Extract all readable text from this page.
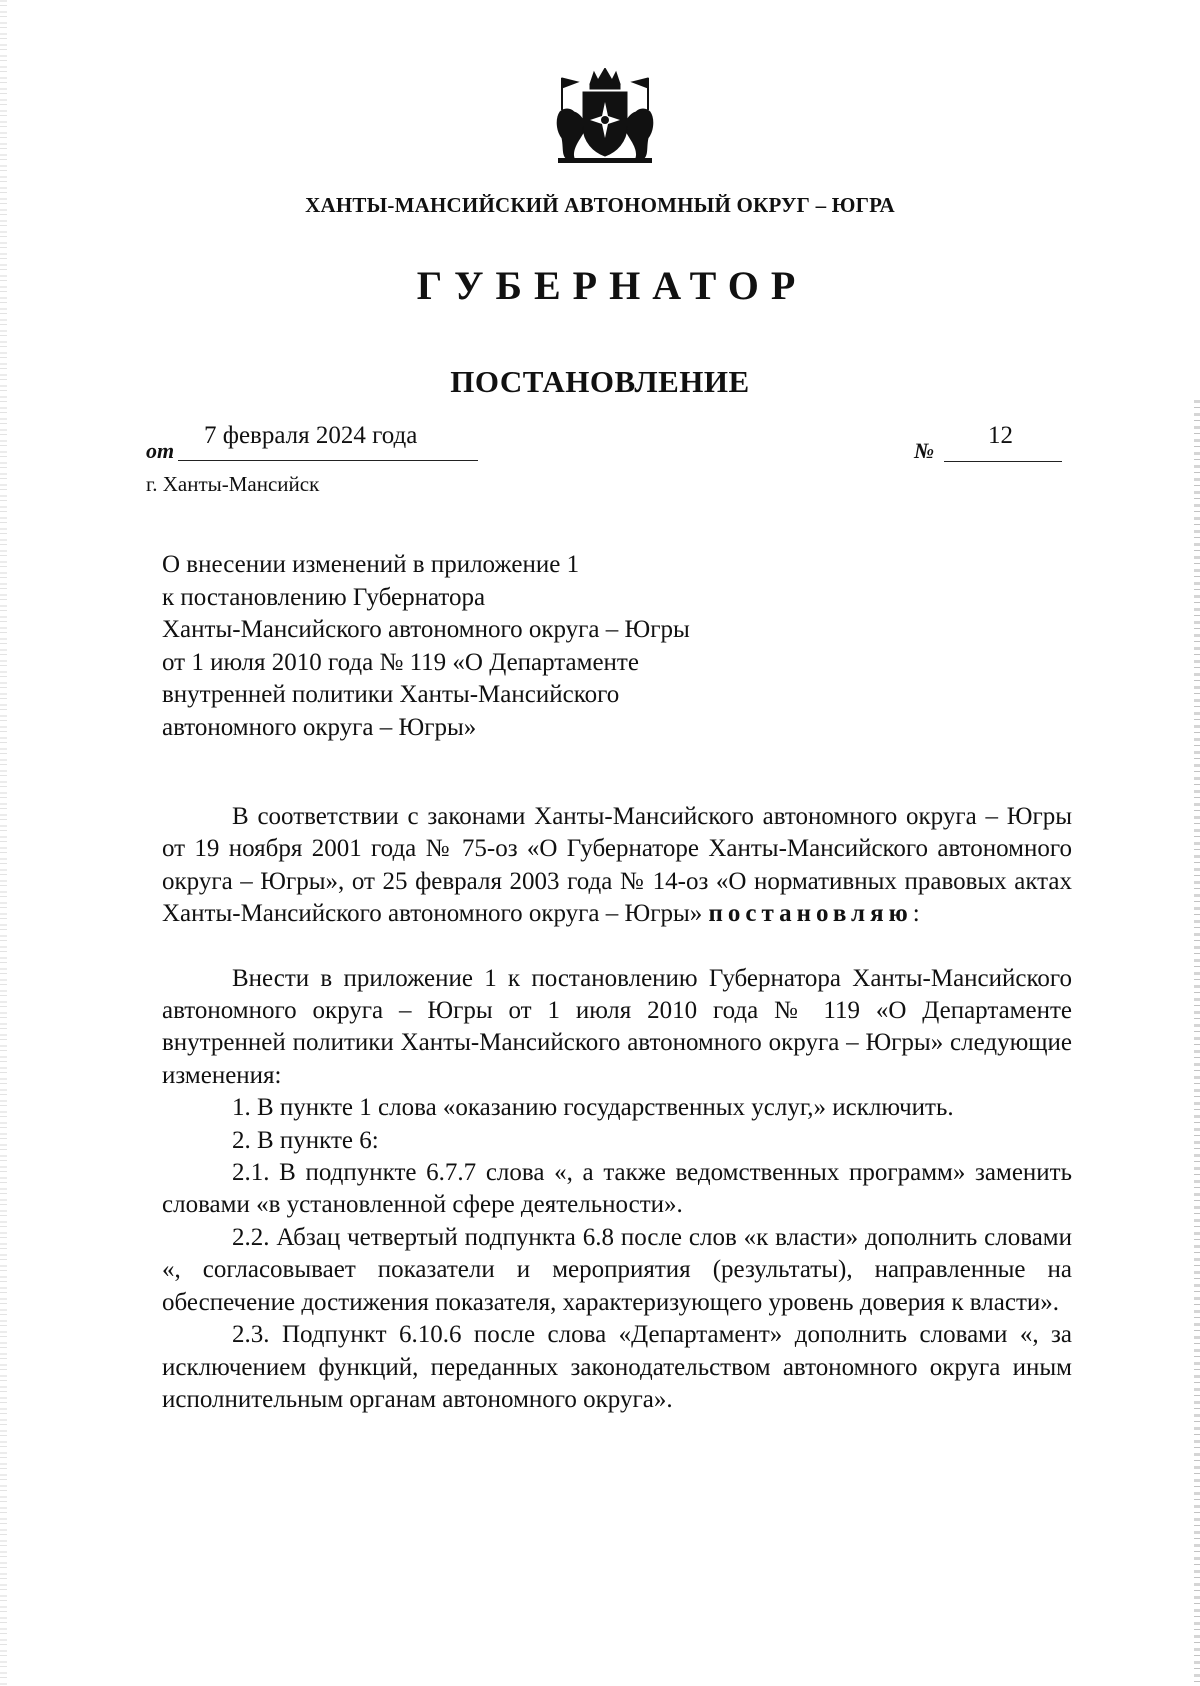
ХАНТЫ-МАНСИЙСКИЙ АВТОНОМНЫЙ ОКРУГ – ЮГРА
ГУБЕРНАТОР
ПОСТАНОВЛЕНИЕ
от
7 февраля 2024 года
№
12
г. Ханты-Мансийск
О внесении изменений в приложение 1
к постановлению Губернатора
Ханты-Мансийского автономного округа – Югры
от 1 июля 2010 года № 119 «О Департаменте
внутренней политики Ханты-Мансийского
автономного округа – Югры»

В соответствии с законами Ханты-Мансийского автономного округа – Югры от 19 ноября 2001 года № 75-оз «О Губернаторе Ханты-Мансийского автономного округа – Югры», от 25 февраля 2003 года № 14-оз «О нормативных правовых актах Ханты-Мансийского автономного округа – Югры» постановляю:

Внести в приложение 1 к постановлению Губернатора Ханты-Мансийского автономного округа – Югры от 1 июля 2010 года № 119 «О Департаменте внутренней политики Ханты-Мансийского автономного округа – Югры» следующие изменения:

1. В пункте 1 слова «оказанию государственных услуг,» исключить.

2. В пункте 6:

2.1. В подпункте 6.7.7 слова «, а также ведомственных программ» заменить словами «в установленной сфере деятельности».

2.2. Абзац четвертый подпункта 6.8 после слов «к власти» дополнить словами «, согласовывает показатели и мероприятия (результаты), направленные на обеспечение достижения показателя, характеризующего уровень доверия к власти».

2.3. Подпункт 6.10.6 после слова «Департамент» дополнить словами «, за исключением функций, переданных законодательством автономного округа иным исполнительным органам автономного округа».
